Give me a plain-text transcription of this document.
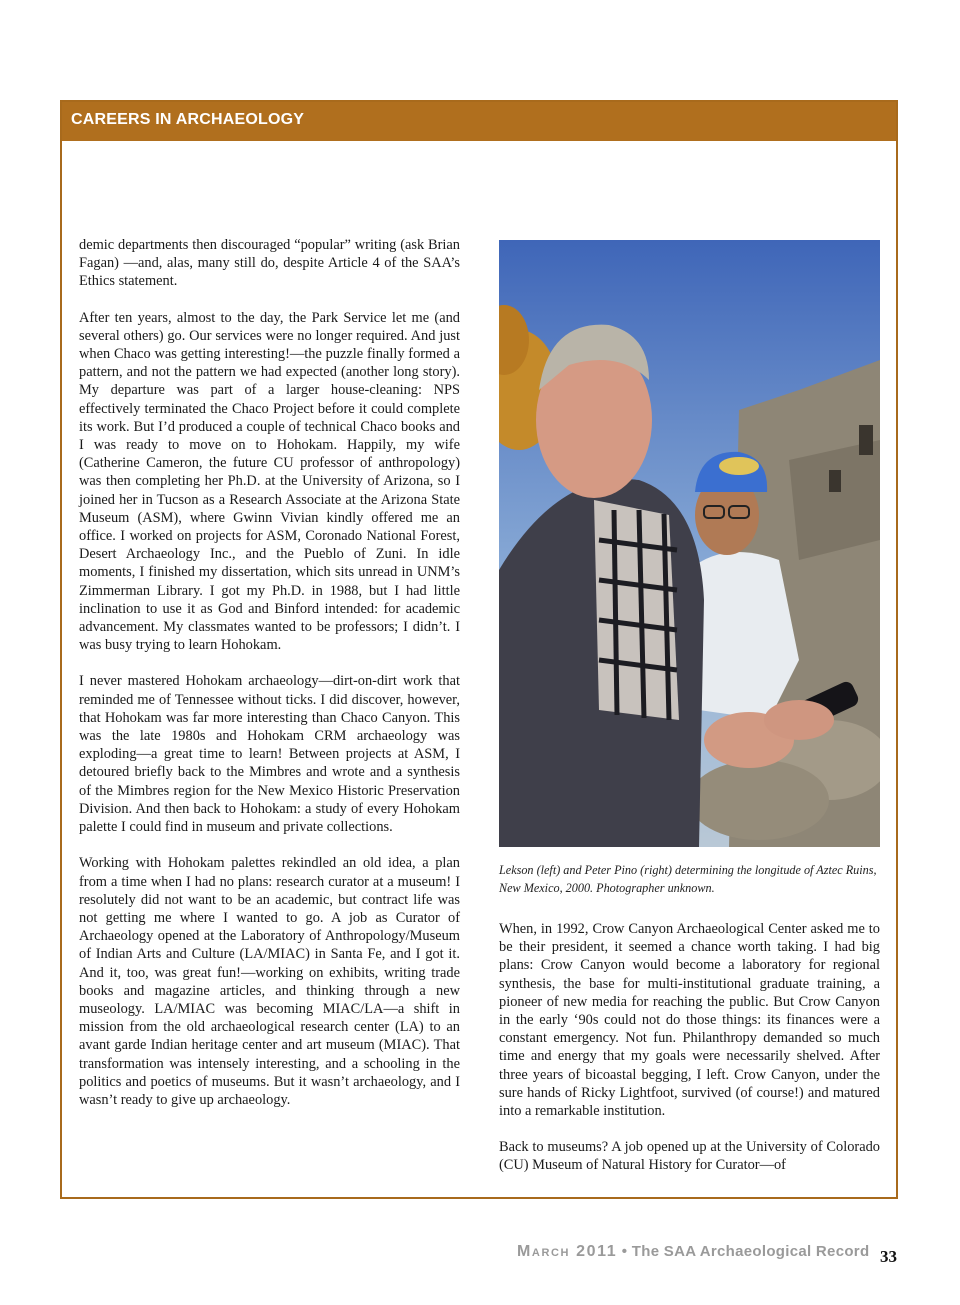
CAREERS IN ARCHAEOLOGY

demic departments then discouraged “popular” writing (ask Brian Fagan) —and, alas, many still do, despite Article 4 of the SAA’s Ethics statement.

After ten years, almost to the day, the Park Service let me (and several others) go. Our services were no longer required. And just when Chaco was getting interesting!—the puzzle finally formed a pattern, and not the pattern we had expected (another long story). My departure was part of a larger house-cleaning: NPS effectively terminated the Chaco Project before it could complete its work. But I’d produced a couple of technical Chaco books and I was ready to move on to Hohokam. Happily, my wife (Catherine Cameron, the future CU professor of anthropology) was then completing her Ph.D. at the University of Arizona, so I joined her in Tucson as a Research Associate at the Arizona State Museum (ASM), where Gwinn Vivian kindly offered me an office. I worked on projects for ASM, Coronado National Forest, Desert Archaeology Inc., and the Pueblo of Zuni. In idle moments, I finished my dissertation, which sits unread in UNM’s Zimmerman Library. I got my Ph.D. in 1988, but I had little inclination to use it as God and Binford intended: for academic advancement. My classmates wanted to be professors; I didn’t. I was busy trying to learn Hohokam.

I never mastered Hohokam archaeology—dirt-on-dirt work that reminded me of Tennessee without ticks. I did discover, however, that Hohokam was far more interesting than Chaco Canyon. This was the late 1980s and Hohokam CRM archaeology was exploding—a great time to learn! Between projects at ASM, I detoured briefly back to the Mimbres and wrote and a synthesis of the Mimbres region for the New Mexico Historic Preservation Division. And then back to Hohokam: a study of every Hohokam palette I could find in museum and private collections.

Working with Hohokam palettes rekindled an old idea, a plan from a time when I had no plans: research curator at a museum! I resolutely did not want to be an academic, but contract life was not getting me where I wanted to go. A job as Curator of Archaeology opened at the Laboratory of Anthropology/Museum of Indian Arts and Culture (LA/MIAC) in Santa Fe, and I got it. And it, too, was great fun!—working on exhibits, writing trade books and magazine articles, and thinking through a new museology. LA/MIAC was becoming MIAC/LA—a shift in mission from the old archaeological research center (LA) to an avant garde Indian heritage center and art museum (MIAC). That transformation was intensely interesting, and a schooling in the politics and poetics of museums. But it wasn’t archaeology, and I wasn’t ready to give up archaeology.

Lekson (left) and Peter Pino (right) determining the longitude of Aztec Ruins, New Mexico, 2000. Photographer unknown.

When, in 1992, Crow Canyon Archaeological Center asked me to be their president, it seemed a chance worth taking. I had big plans: Crow Canyon would become a laboratory for regional synthesis, the base for multi-institutional graduate training, a pioneer of new media for reaching the public. But Crow Canyon in the early ‘90s could not do those things: its finances were a constant emergency. Not fun. Philanthropy demanded so much time and energy that my goals were necessarily shelved. After three years of bicoastal begging, I left. Crow Canyon, under the sure hands of Ricky Lightfoot, survived (of course!) and matured into a remarkable institution.

Back to museums? A job opened up at the University of Colorado (CU) Museum of Natural History for Curator—of

March 2011 • The SAA Archaeological Record 33
